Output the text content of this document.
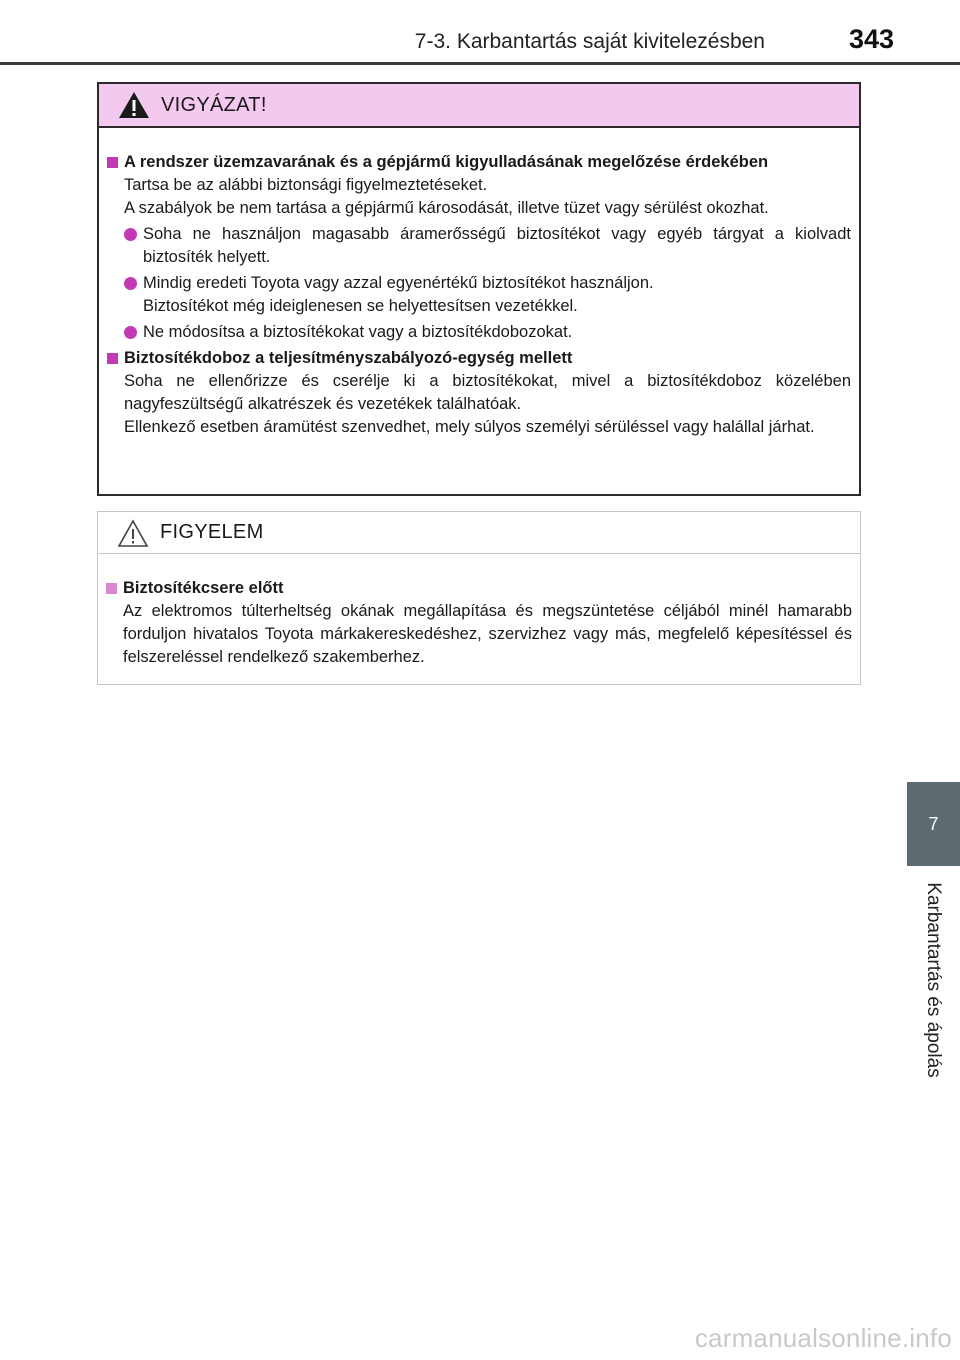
7-3. Karbantartás saját kivitelezésben	343
VIGYÁZAT!
A rendszer üzemzavarának és a gépjármű kigyulladásának megelőzése érdekében
Tartsa be az alábbi biztonsági figyelmeztetéseket.
A szabályok be nem tartása a gépjármű károsodását, illetve tüzet vagy sérülést okozhat.
Soha ne használjon magasabb áramerősségű biztosítékot vagy egyéb tárgyat a kiolvadt biztosíték helyett.
Mindig eredeti Toyota vagy azzal egyenértékű biztosítékot használjon.
Biztosítékot még ideiglenesen se helyettesítsen vezetékkel.
Ne módosítsa a biztosítékokat vagy a biztosítékdobozokat.
Biztosítékdoboz a teljesítményszabályozó-egység mellett
Soha ne ellenőrizze és cserélje ki a biztosítékokat, mivel a biztosítékdoboz közelében nagyfeszültségű alkatrészek és vezetékek találhatóak.
Ellenkező esetben áramütést szenvedhet, mely súlyos személyi sérüléssel vagy halállal járhat.
FIGYELEM
Biztosítékcsere előtt
Az elektromos túlterheltség okának megállapítása és megszüntetése céljából minél hamarabb forduljon hivatalos Toyota márkakereskedéshez, szervizhez vagy más, megfelelő képesítéssel és felszereléssel rendelkező szakemberhez.
7
Karbantartás és ápolás
carmanualsonline.info
